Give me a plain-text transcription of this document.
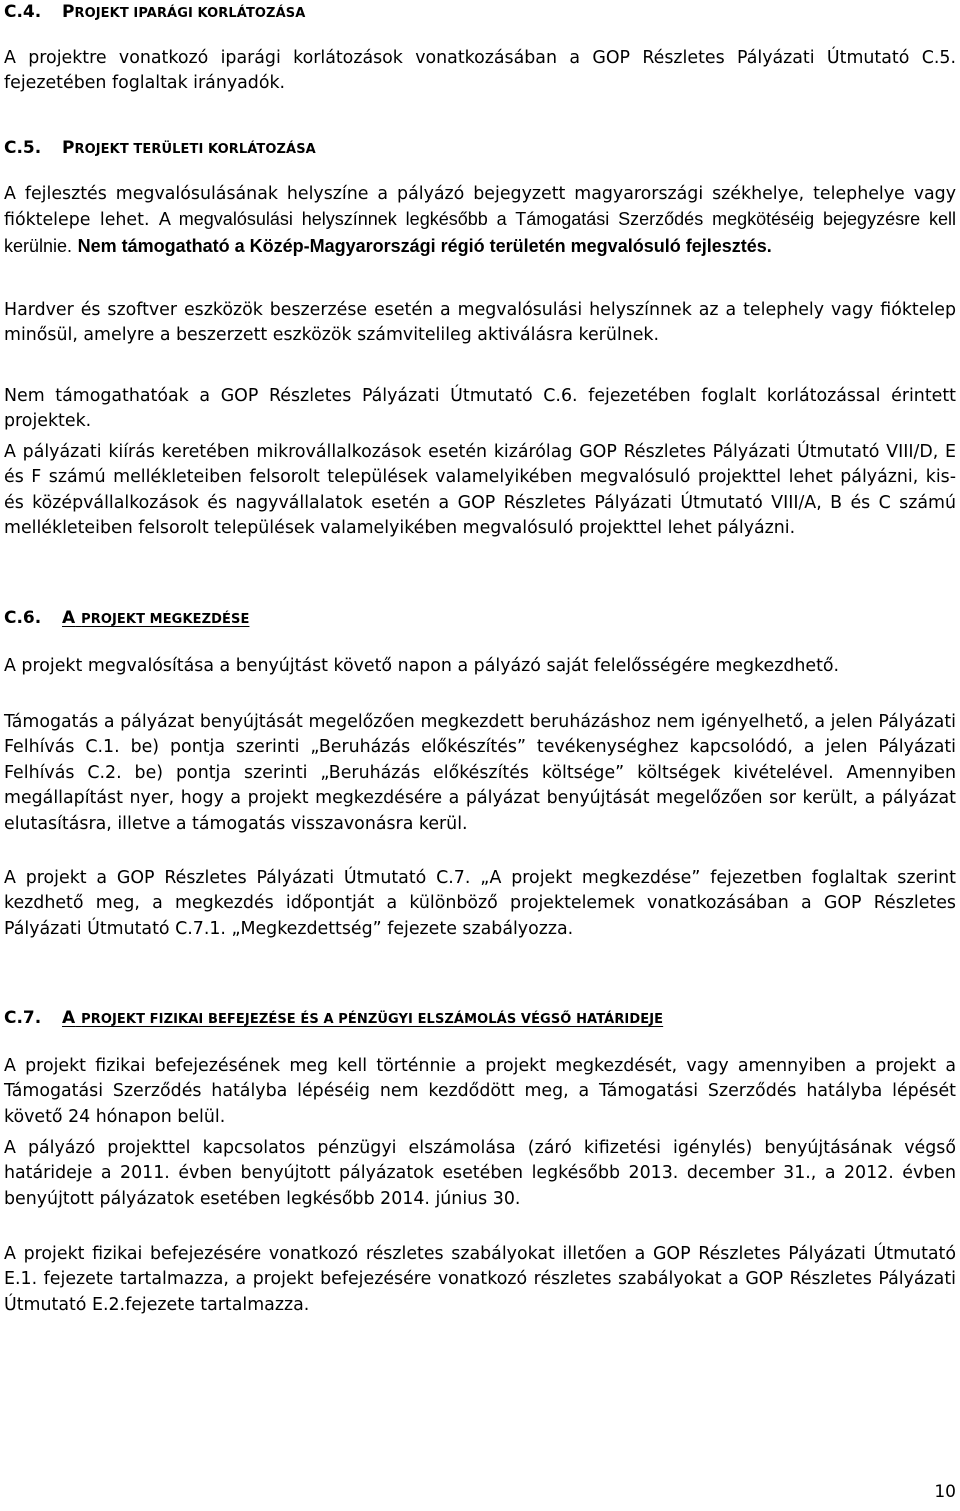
C.4. PROJEKT IPARÁGI KORLÁTOZÁSA

A projektre vonatkozó iparági korlátozások vonatkozásában a GOP Részletes Pályázati Útmutató C.5. fejezetében foglaltak irányadók.

C.5. PROJEKT TERÜLETI KORLÁTOZÁSA

A fejlesztés megvalósulásának helyszíne a pályázó bejegyzett magyarországi székhelye, telephelye vagy fióktelepe lehet. A megvalósulási helyszínnek legkésőbb a Támogatási Szerződés megkötéséig bejegyzésre kell kerülnie. Nem támogatható a Közép-Magyarországi régió területén megvalósuló fejlesztés.

Hardver és szoftver eszközök beszerzése esetén a megvalósulási helyszínnek az a telephely vagy fióktelep minősül, amelyre a beszerzett eszközök számvitelileg aktiválásra kerülnek.

Nem támogathatóak a GOP Részletes Pályázati Útmutató C.6. fejezetében foglalt korlátozással érintett projektek.

A pályázati kiírás keretében mikrovállalkozások esetén kizárólag GOP Részletes Pályázati Útmutató VIII/D, E és F számú mellékleteiben felsorolt települések valamelyikében megvalósuló projekttel lehet pályázni, kis- és középvállalkozások és nagyvállalatok esetén a GOP Részletes Pályázati Útmutató VIII/A, B és C számú mellékleteiben felsorolt települések valamelyikében megvalósuló projekttel lehet pályázni.

C.6. A PROJEKT MEGKEZDÉSE

A projekt megvalósítása a benyújtást követő napon a pályázó saját felelősségére megkezdhető.

Támogatás a pályázat benyújtását megelőzően megkezdett beruházáshoz nem igényelhető, a jelen Pályázati Felhívás C.1. be) pontja szerinti „Beruházás előkészítés” tevékenységhez kapcsolódó, a jelen Pályázati Felhívás C.2. be) pontja szerinti „Beruházás előkészítés költsége” költségek kivételével. Amennyiben megállapítást nyer, hogy a projekt megkezdésére a pályázat benyújtását megelőzően sor került, a pályázat elutasításra, illetve a támogatás visszavonásra kerül.

A projekt a GOP Részletes Pályázati Útmutató C.7. „A projekt megkezdése” fejezetben foglaltak szerint kezdhető meg, a megkezdés időpontját a különböző projektelemek vonatkozásában a GOP Részletes Pályázati Útmutató C.7.1. „Megkezdettség” fejezete szabályozza.

C.7. A PROJEKT FIZIKAI BEFEJEZÉSE ÉS A PÉNZÜGYI ELSZÁMOLÁS VÉGSŐ HATÁRIDEJE

A projekt fizikai befejezésének meg kell történnie a projekt megkezdését, vagy amennyiben a projekt a Támogatási Szerződés hatályba lépéséig nem kezdődött meg, a Támogatási Szerződés hatályba lépését követő 24 hónapon belül.

A pályázó projekttel kapcsolatos pénzügyi elszámolása (záró kifizetési igénylés) benyújtásának végső határideje a 2011. évben benyújtott pályázatok esetében legkésőbb 2013. december 31., a 2012. évben benyújtott pályázatok esetében legkésőbb 2014. június 30.

A projekt fizikai befejezésére vonatkozó részletes szabályokat illetően a GOP Részletes Pályázati Útmutató E.1. fejezete tartalmazza, a projekt befejezésére vonatkozó részletes szabályokat a GOP Részletes Pályázati Útmutató E.2.fejezete tartalmazza.

10
